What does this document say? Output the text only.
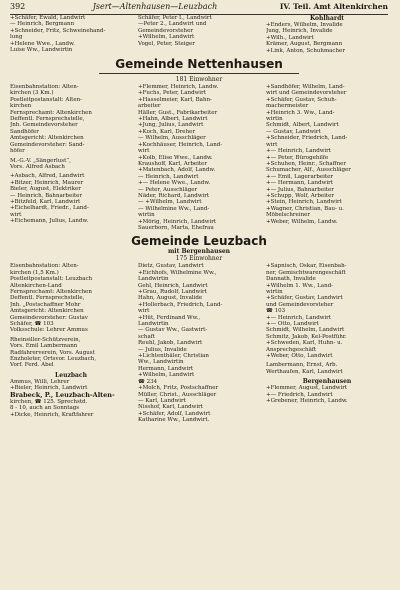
392	Jsert—Altenhausen—Leuzbach	IV. Teil. Amt Altenkirchen
+Schäfer, Ewald, Landwirt
— Heinrich, Bergmann
+Schneider, Fritz, Schweinehand-
lung
+Helene Wwe., Landw.
Luise Ww., Landwirtin
Schäfer, Peter I., Landwirt
—Peter 2., Landwirt und
Gemeindevorsteher
+Wilhelm, Landwirt
Vogel, Peter, Steiger
Kohlhardt
+Enders, Wilhelm, Invalide
Jung, Heinrich, Invalide
+Wilh., Landwirt
Krämer, August, Bergmann
+Link, Anton, Schuhmacher
Gemeinde Nettenhausen
181 Einwohner
Eisenbahnstation: Alten-
kirchen (3 Km.)
Postleitpostanstalt: Alten-
kirchen
Fernsprechamt: Altenkirchen
Deffentl. Fernsprechstelle,
Jnh. Gemeindevorsteher
Sandhöfer
Amtsgericht: Altenkirchen
Gemeindevorsteher: Sand-
höfer
M.-G.-V. „Sängerlust“,
Vors. Alfred Asbach
+Asbach, Alfred, Landwirt
+Bitzer, Heinrich, Maurer
Bieler, August, Elektriker
— Heinrich, Bahnarbeiter
+Bitzfeld, Karl, Landwirt
+Eichelhardt, Friedr., Land-
wirt
+Eichemann, Julius, Landw.
+Flemmer, Heinrich, Landw.
+Fuchs, Peter, Landwirt
+Hasselmeier, Karl, Bahn-
arbeiter
Häller, Gust., Fabrikarbeiter
+Hahn, Albert, Landwirt
+Jung, Julius, Landwirt
+Koch, Karl, Dreher
— Wilhelm, Ausschläger
+Kochhäuser, Heinrich, Land-
wirt
+Kolb, Elise Wwe., Landw.
Kraushoff, Karl, Arbeiter
+Matenbach, Adolf, Landw.
— Heinrich, Landwirt
+— Helene Wwe., Landw.
— Peter, Ausschläger
Näder, Richard, Landwirt
— +Wilhelm, Landwirt
— Wilhelmine Ww., Land-
wirtin
+Mörig, Heinrich, Landwirt
Sauerborn, Marta, Ehefrau
+Sandhöfer, Wilhelm, Land-
wirt und Gemeindevorsteher
+Schäfer, Gustav, Schuh-
machermeister
+Heinrich 3. Ww., Land-
wirtin
Schmidt, Albert, Landwirt
— Gustav, Landwirt
+Schneider, Friedrich, Land-
wirt
+— Heinrich, Landwirt
+— Peter, Bürogehilfe
+Schuhen, Heinr., Schaffner
Schumacher, Alf., Ausschläger
+— Emil, Lagerarbeiter
+— Hermann, Landwirt
+— Julius, Bahnarbeiter
+Schupp, Wolf, Arbeiter
+Stein, Heinrich, Landwirt
+Wagner, Christian, Bau- u.
Möbelschreiner
+Weber, Wilhelm, Landw.
Gemeinde Leuzbach
mit Bergenhausen
175 Einwohner
Eisenbahnstation: Alten-
kirchen (1,5 Km.)
Postleitpostanstalt: Leuzbach
Altenkirchen-Land
Fernsprechamt: Altenkirchen
Deffentl. Fernsprechstelle,
Jnh. „Postschaffner Mohr
Amtsgericht: Altenkirchen
Gemeindevorsteher: Gustav
Schäfer, ☎ 103
Volksschule: Lehrer Ammus
Rheinsiller-Schützverein,
Vors. Emil Lambermann
Radfahrerverein, Vors. August
Enzholeter, Ortsvor. Leuzbach,
Vorf. Ferd. Abel
Leuzbach
Ammus, Willi, Lehrer
+Bieler, Heinrich, Landwirt
Brabeck, P., Leuzbach-Alten-
kirchen, ☎ 125. Sprechstd.
8 - 10, auch an Sonntags
+Dicke, Heinrich, Kraftfahrer
Dietz, Gustav, Landwirt
+Eichhofs, Wilhelmine Ww.,
Landwirtin
Gehl, Heinrich, Landwirt
+Grau, Rudolf, Landwirt
Hahn, August, Invalide
+Hollerbach, Friedrich, Land-
wirt
+Hüt, Ferdinand Ww.,
Landwirtin
— Gustav Ww., Gastwirt-
schaft
Reuhl, Jakob, Landwirt
— Julius, Invalide
+Lichtenthäler, Christian
Ww., Landwirtin
Hermann, Landwirt
+Wilhelm, Landwirt
☎ 234
+Molch, Fritz, Postschaffner
Müller, Christ., Ausschläger
— Karl, Landwirt
Nisshof, Karl, Landwirt
+Schäfer, Adolf, Landwirt
Katharine Ww., Landwirt.
+Sapnisch, Oskar, Eisenbah-
ner, Gemischtwarengeschäft
Dannath, Invalide
+Wilhelm 1. Ww., Land-
wirtin
+Schäfer, Gustav, Landwirt
und Gemeindevorsteher
☎ 103
+— Heinrich, Landwirt
+— Otto, Landwirt
Schmidt, Wilhelm, Landwirt
Schmitz, Jakob, Kel-Postführ.
+Schweden, Karl, Huhn- u.
Ansprechgeschäft
+Weber, Otto, Landwirt
Lambermann, Ernst, Arb.
Werthaufen, Karl, Landwirt
Bergenhausen
+Flemmer, August, Landwirt
+— Friedrich, Landwirt
+Grebener, Heinrich, Landw.
